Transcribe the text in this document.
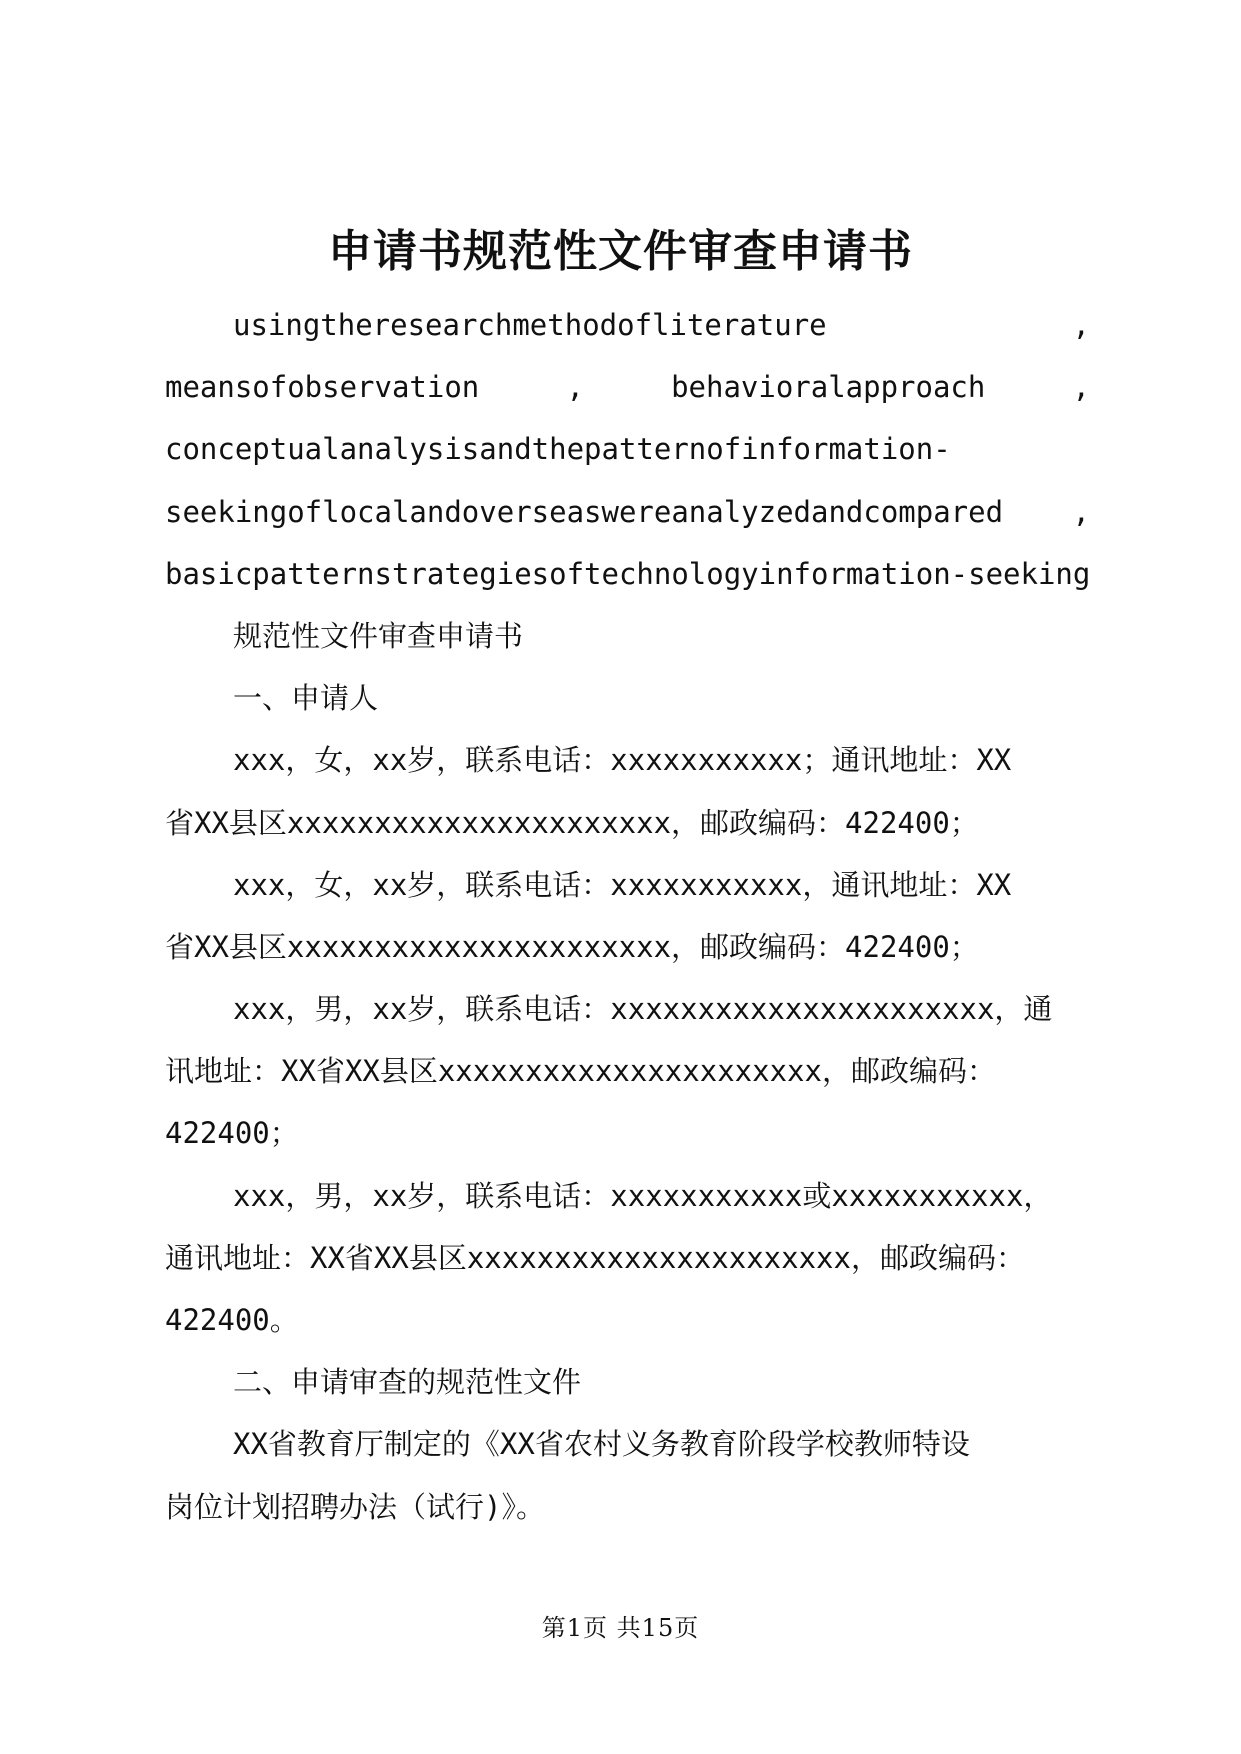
申请书规范性文件审查申请书
usingtheresearchmethodofliterature	,
meansofobservation	,	behavioralapproach	,
conceptualanalysisandthepatternofinformation-
seekingoflocalandoverseaswereanalyzedandcompared ,
basicpatternstrategiesoftechnologyinformation-seeking
规范性文件审查申请书
一、申请人
xxx，女，xx岁，联系电话：xxxxxxxxxxx；通讯地址：XX
省XX县区xxxxxxxxxxxxxxxxxxxxxx，邮政编码：422400；
xxx，女，xx岁，联系电话：xxxxxxxxxxx，通讯地址：XX
省XX县区xxxxxxxxxxxxxxxxxxxxxx，邮政编码：422400；
xxx，男，xx岁，联系电话：xxxxxxxxxxxxxxxxxxxxxx，通
讯地址：XX省XX县区xxxxxxxxxxxxxxxxxxxxxx，邮政编码：
422400；
xxx，男，xx岁，联系电话：xxxxxxxxxxx或xxxxxxxxxxx，
通讯地址：XX省XX县区xxxxxxxxxxxxxxxxxxxxxx，邮政编码：
422400。
二、申请审查的规范性文件
XX省教育厅制定的《XX省农村义务教育阶段学校教师特设
岗位计划招聘办法（试行)》。
第1页 共15页
